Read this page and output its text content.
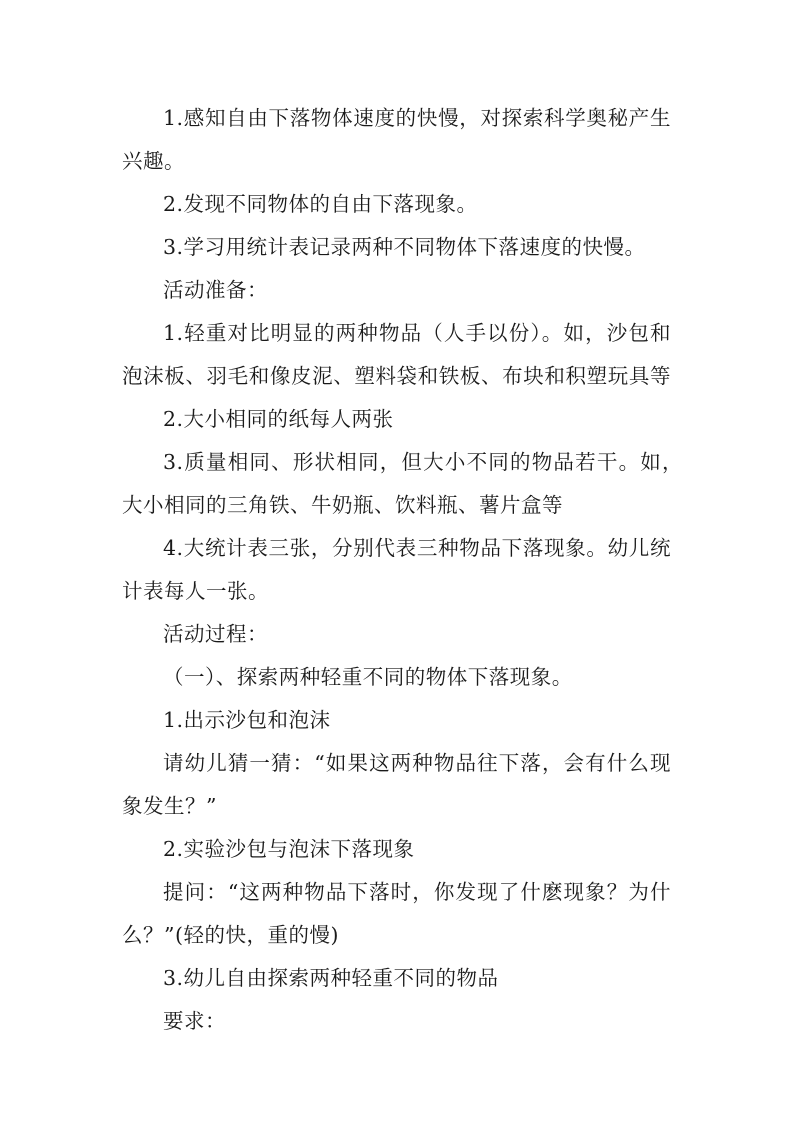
1.感知自由下落物体速度的快慢，对探索科学奥秘产生
兴趣。
2.发现不同物体的自由下落现象。
3.学习用统计表记录两种不同物体下落速度的快慢。
活动准备：
1.轻重对比明显的两种物品（人手以份）。如，沙包和
泡沫板、羽毛和像皮泥、塑料袋和铁板、布块和积塑玩具等
2.大小相同的纸每人两张
3.质量相同、形状相同，但大小不同的物品若干。如，
大小相同的三角铁、牛奶瓶、饮料瓶、薯片盒等
4.大统计表三张，分别代表三种物品下落现象。幼儿统
计表每人一张。
活动过程：
（一）、探索两种轻重不同的物体下落现象。
1.出示沙包和泡沫
请幼儿猜一猜：“如果这两种物品往下落，会有什么现
象发生？”
2.实验沙包与泡沫下落现象
提问：“这两种物品下落时，你发现了什麽现象？为什
么？”(轻的快，重的慢)
3.幼儿自由探索两种轻重不同的物品
要求：
